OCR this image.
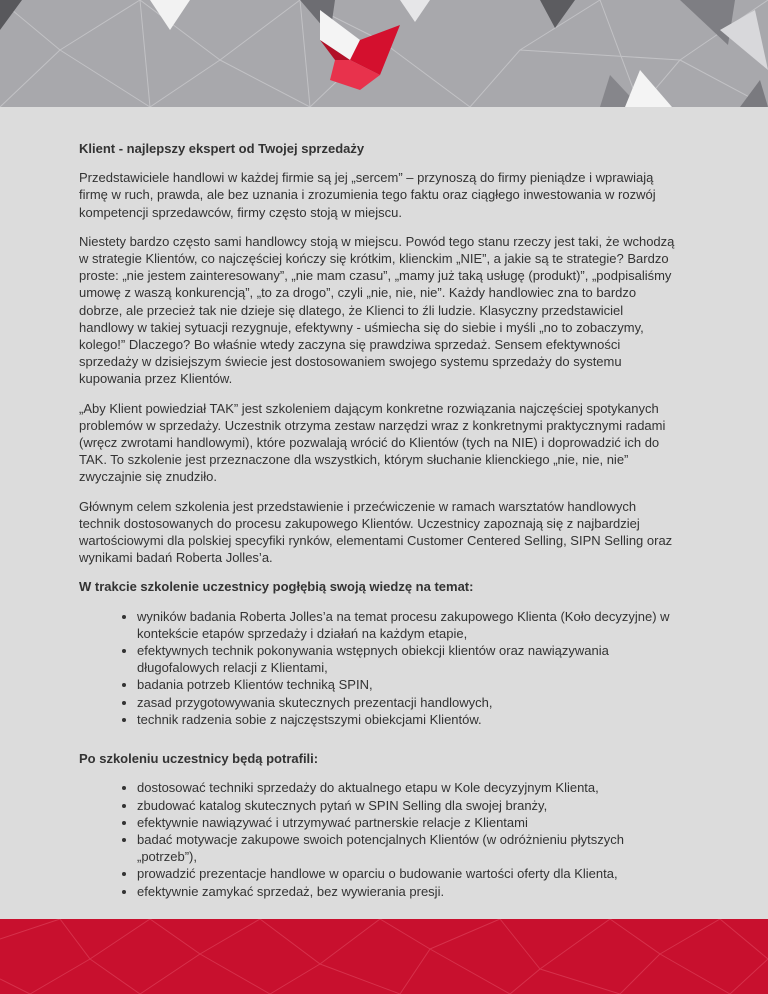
Klient - najlepszy ekspert od Twojej sprzedaży

Przedstawiciele handlowi w każdej firmie są jej „sercem” – przynoszą do firmy pieniądze i wprawiają firmę w ruch, prawda, ale bez uznania i zrozumienia tego faktu oraz ciągłego inwestowania w rozwój kompetencji sprzedawców, firmy często stoją w miejscu.

Niestety bardzo często sami handlowcy stoją w miejscu. Powód tego stanu rzeczy jest taki, że wchodzą w strategie Klientów, co najczęściej kończy się krótkim, klienckim „NIE”, a jakie są te strategie? Bardzo proste: „nie jestem zainteresowany”, „nie mam czasu”, „mamy już taką usługę (produkt)”, „podpisaliśmy umowę z waszą konkurencją”, „to za drogo”, czyli „nie, nie, nie”. Każdy handlowiec zna to bardzo dobrze, ale przecież tak nie dzieje się dlatego, że Klienci to źli ludzie. Klasyczny przedstawiciel handlowy w takiej sytuacji rezygnuje, efektywny - uśmiecha się do siebie i myśli „no to zobaczymy, kolego!” Dlaczego? Bo właśnie wtedy zaczyna się prawdziwa sprzedaż. Sensem efektywności sprzedaży w dzisiejszym świecie jest dostosowaniem swojego systemu sprzedaży do systemu kupowania przez Klientów.

„Aby Klient powiedział TAK” jest szkoleniem dającym konkretne rozwiązania najczęściej spotykanych problemów w sprzedaży. Uczestnik otrzyma zestaw narzędzi wraz z konkretnymi praktycznymi radami (wręcz zwrotami handlowymi), które pozwalają wrócić do Klientów (tych na NIE) i doprowadzić ich do TAK. To szkolenie jest przeznaczone dla wszystkich, którym słuchanie klienckiego „nie, nie, nie” zwyczajnie się znudziło.

Głównym celem szkolenia jest przedstawienie i przećwiczenie w ramach warsztatów handlowych technik dostosowanych do procesu zakupowego Klientów. Uczestnicy zapoznają się z najbardziej wartościowymi dla polskiej specyfiki rynków, elementami Customer Centered Selling, SIPN Selling oraz wynikami badań Roberta Jolles’a.

W trakcie szkolenie uczestnicy pogłębią swoją wiedzę na temat:

• wyników badania Roberta Jolles’a na temat procesu zakupowego Klienta (Koło decyzyjne) w kontekście etapów sprzedaży i działań na każdym etapie,
• efektywnych technik pokonywania wstępnych obiekcji klientów oraz nawiązywania długofalowych relacji z Klientami,
• badania potrzeb Klientów techniką SPIN,
• zasad przygotowywania skutecznych prezentacji handlowych,
• technik radzenia sobie z najczęstszymi obiekcjami Klientów.

Po szkoleniu uczestnicy będą potrafili:

• dostosować techniki sprzedaży do aktualnego etapu w Kole decyzyjnym Klienta,
• zbudować katalog skutecznych pytań w SPIN Selling dla swojej branży,
• efektywnie nawiązywać i utrzymywać partnerskie relacje z Klientami
• badać motywacje zakupowe swoich potencjalnych Klientów (w odróżnieniu płytszych „potrzeb”),
• prowadzić prezentacje handlowe w oparciu o budowanie wartości oferty dla Klienta,
• efektywnie zamykać sprzedaż, bez wywierania presji.
